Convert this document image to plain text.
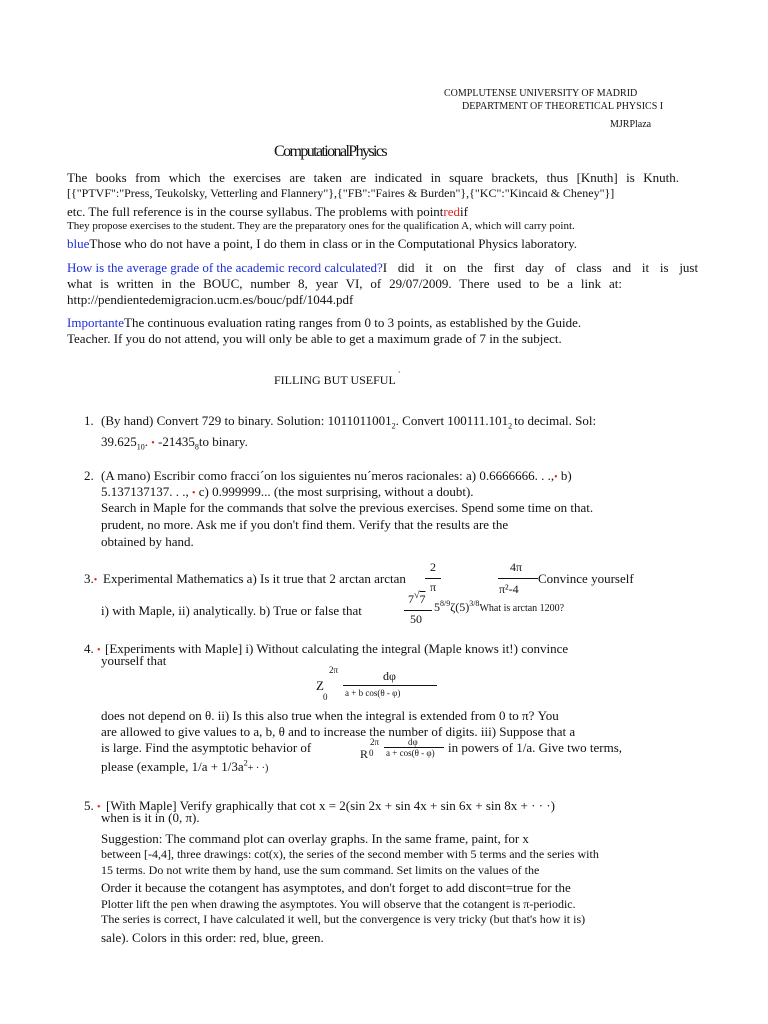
COMPLUTENSE UNIVERSITY OF MADRID
DEPARTMENT OF THEORETICAL PHYSICS I
MJRPlaza
ComputationalPhysics
The books from which the exercises are taken are indicated in square brackets, thus [Knuth] is Knuth.
[{"PTVF":"Press, Teukolsky, Vetterling and Flannery"},{"FB":"Faires & Burden"},{"KC":"Kincaid & Cheney"}]
etc. The full reference is in the course syllabus. The problems with pointredif
They propose exercises to the student. They are the preparatory ones for the qualification A, which will carry point.
blueThose who do not have a point, I do them in class or in the Computational Physics laboratory.
How is the average grade of the academic record calculated?I did it on the first day of class and it is just
what is written in the BOUC, number 8, year VI, of 29/07/2009. There used to be a link at:
http://pendientedemigracion.ucm.es/bouc/pdf/1044.pdf
ImportanteThe continuous evaluation rating ranges from 0 to 3 points, as established by the Guide.
Teacher. If you do not attend, you will only be able to get a maximum grade of 7 in the subject.
FILLING BUT USEFUL ´
1. (By hand) Convert 729 to binary. Solution: $1011011001_2$. Convert $100111.101_2$ to decimal. Sol:
$39.625_{10}$. • $-21435_8to$ binary.
2. (A mano) Escribir como fracci´on los siguientes nu´meros racionales: a) 0.6666666. . .,• b)
5.137137137. . ., • c) 0.999999... (the most surprising, without a doubt).
Search in Maple for the commands that solve the previous exercises. Spend some time on that.
prudent, no more. Ask me if you don't find them. Verify that the results are the
obtained by hand.
2
π
4π
π²-4
3.• Experimental Mathematics a) Is it true that 2 arctan arctan	Convince yourself
i) with Maple, ii) analytically. b) True or false that
7√7
50
$5^{8/9}\zeta(5)^{3/8}What$ is arctan 1200?
4. • [Experiments with Maple] i) Without calculating the integral (Maple knows it!) convince
yourself that
2π
Z
0
dφ
a + b cos(θ - φ)
does not depend on θ. ii) Is this also true when the integral is extended from 0 to π? You
are allowed to give values to a, b, θ and to increase the number of digits. iii) Suppose that a
is large. Find the asymptotic behavior of	2π
R 0
dφ
a + cos(θ - φ) in powers of 1/a. Give two terms,
please (example, $1/a + 1/3a^2+$ · ·)
5. • [With Maple] Verify graphically that cot x = 2(sin 2x + sin 4x + sin 6x + sin 8x + · · ·)
when is it in (0, π).
Suggestion: The command plot can overlay graphs. In the same frame, paint, for x
between [-4,4], three drawings: cot(x), the series of the second member with 5 terms and the series with
15 terms. Do not write them by hand, use the sum command. Set limits on the values of the
Order it because the cotangent has asymptotes, and don't forget to add discont=true for the
Plotter lift the pen when drawing the asymptotes. You will observe that the cotangent is π-periodic.
The series is correct, I have calculated it well, but the convergence is very tricky (but that's how it is)
sale). Colors in this order: red, blue, green.
